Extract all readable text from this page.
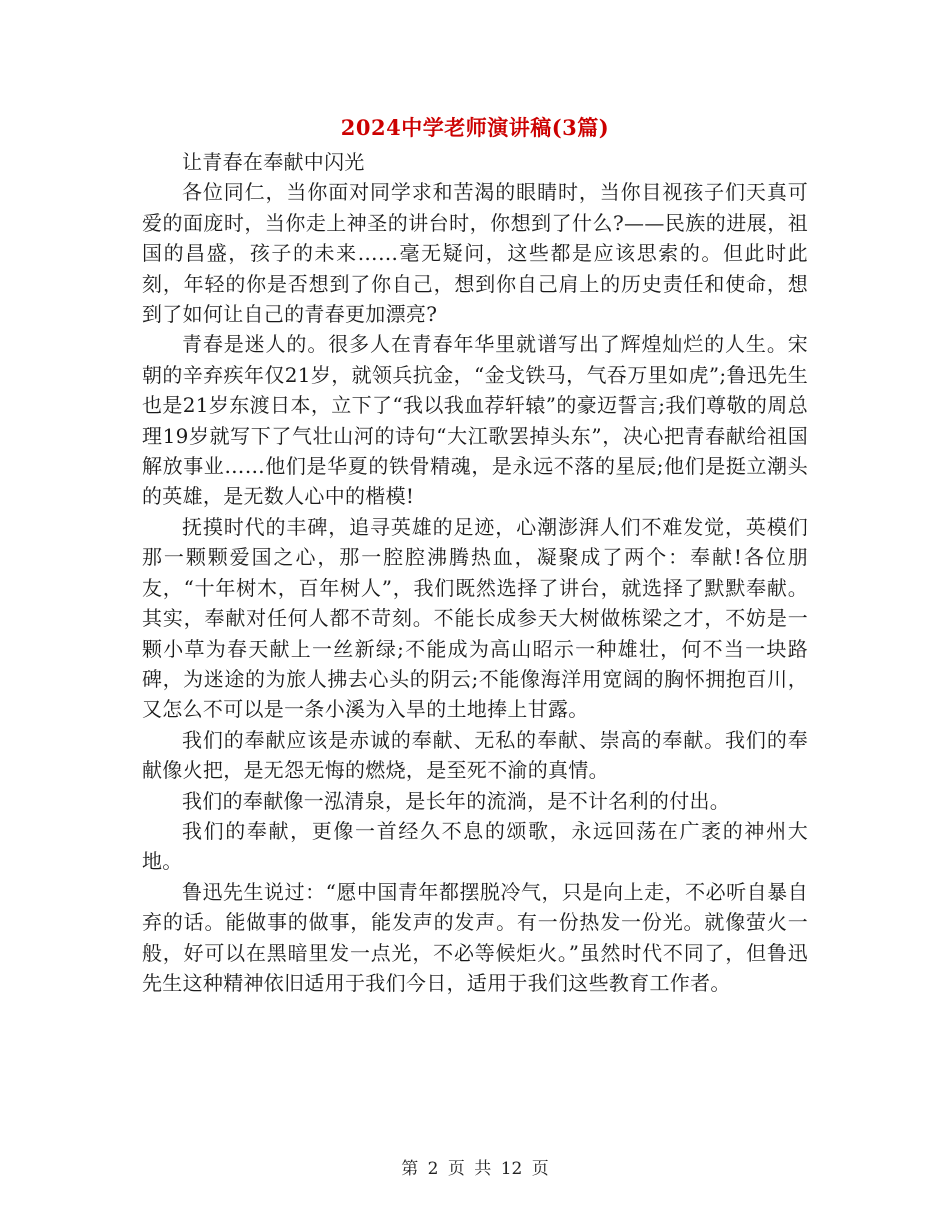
2024中学老师演讲稿(3篇)

让青春在奉献中闪光

各位同仁，当你面对同学求和苦渴的眼睛时，当你目视孩子们天真可爱的面庞时，当你走上神圣的讲台时，你想到了什么?——民族的进展，祖国的昌盛，孩子的未来……毫无疑问，这些都是应该思索的。但此时此刻，年轻的你是否想到了你自己，想到你自己肩上的历史责任和使命，想到了如何让自己的青春更加漂亮?

青春是迷人的。很多人在青春年华里就谱写出了辉煌灿烂的人生。宋朝的辛弃疾年仅21岁，就领兵抗金，“金戈铁马，气吞万里如虎”;鲁迅先生也是21岁东渡日本，立下了“我以我血荐轩辕”的豪迈誓言;我们尊敬的周总理19岁就写下了气壮山河的诗句“大江歌罢掉头东”，决心把青春献给祖国解放事业……他们是华夏的铁骨精魂，是永远不落的星辰;他们是挺立潮头的英雄，是无数人心中的楷模!

抚摸时代的丰碑，追寻英雄的足迹，心潮澎湃人们不难发觉，英模们那一颗颗爱国之心，那一腔腔沸腾热血，凝聚成了两个：奉献!各位朋友，“十年树木，百年树人”，我们既然选择了讲台，就选择了默默奉献。其实，奉献对任何人都不苛刻。不能长成参天大树做栋梁之才，不妨是一颗小草为春天献上一丝新绿;不能成为高山昭示一种雄壮，何不当一块路碑，为迷途的为旅人拂去心头的阴云;不能像海洋用宽阔的胸怀拥抱百川，又怎么不可以是一条小溪为入旱的土地捧上甘露。

我们的奉献应该是赤诚的奉献、无私的奉献、崇高的奉献。我们的奉献像火把，是无怨无悔的燃烧，是至死不渝的真情。

我们的奉献像一泓清泉，是长年的流淌，是不计名利的付出。

我们的奉献，更像一首经久不息的颂歌，永远回荡在广袤的神州大地。

鲁迅先生说过：“愿中国青年都摆脱冷气，只是向上走，不必听自暴自弃的话。能做事的做事，能发声的发声。有一份热发一份光。就像萤火一般，好可以在黑暗里发一点光，不必等候炬火。”虽然时代不同了，但鲁迅先生这种精神依旧适用于我们今日，适用于我们这些教育工作者。

第 2 页 共 12 页
